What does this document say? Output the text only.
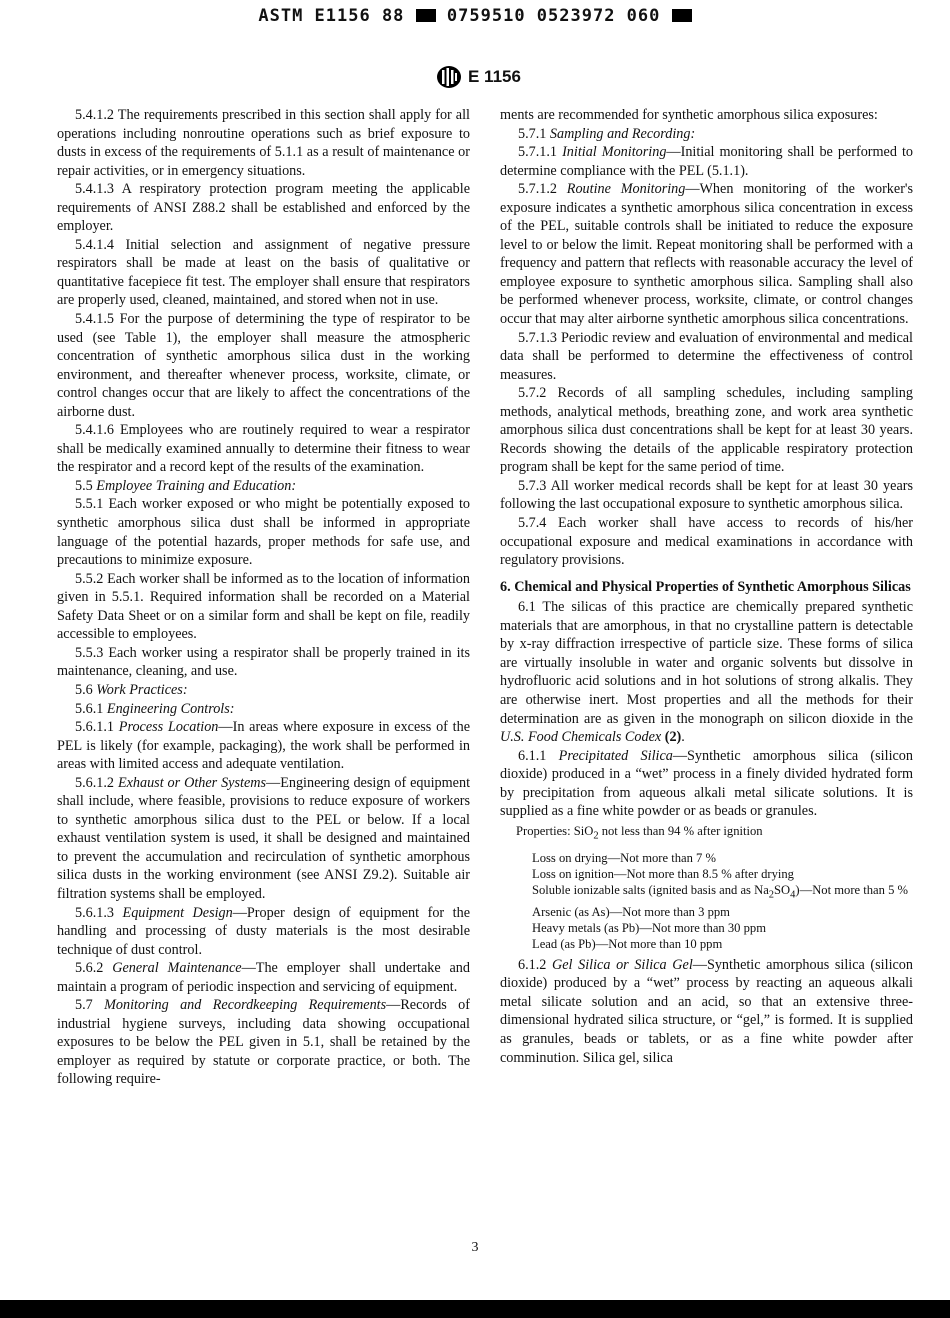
ASTM E1156 88	0759510 0523972 060
E 1156

5.4.1.2 The requirements prescribed in this section shall apply for all operations including nonroutine operations such as brief exposure to dusts in excess of the requirements of 5.1.1 as a result of maintenance or repair activities, or in emergency situations.

5.4.1.3 A respiratory protection program meeting the applicable requirements of ANSI Z88.2 shall be established and enforced by the employer.

5.4.1.4 Initial selection and assignment of negative pressure respirators shall be made at least on the basis of qualitative or quantitative facepiece fit test. The employer shall ensure that respirators are properly used, cleaned, maintained, and stored when not in use.

5.4.1.5 For the purpose of determining the type of respirator to be used (see Table 1), the employer shall measure the atmospheric concentration of synthetic amorphous silica dust in the working environment, and thereafter whenever process, worksite, climate, or control changes occur that are likely to affect the concentrations of the airborne dust.

5.4.1.6 Employees who are routinely required to wear a respirator shall be medically examined annually to determine their fitness to wear the respirator and a record kept of the results of the examination.

5.5 Employee Training and Education:

5.5.1 Each worker exposed or who might be potentially exposed to synthetic amorphous silica dust shall be informed in appropriate language of the potential hazards, proper methods for safe use, and precautions to minimize exposure.

5.5.2 Each worker shall be informed as to the location of information given in 5.5.1. Required information shall be recorded on a Material Safety Data Sheet or on a similar form and shall be kept on file, readily accessible to employees.

5.5.3 Each worker using a respirator shall be properly trained in its maintenance, cleaning, and use.

5.6 Work Practices:

5.6.1 Engineering Controls:

5.6.1.1 Process Location—In areas where exposure in excess of the PEL is likely (for example, packaging), the work shall be performed in areas with limited access and adequate ventilation.

5.6.1.2 Exhaust or Other Systems—Engineering design of equipment shall include, where feasible, provisions to reduce exposure of workers to synthetic amorphous silica dust to the PEL or below. If a local exhaust ventilation system is used, it shall be designed and maintained to prevent the accumulation and recirculation of synthetic amorphous silica dusts in the working environment (see ANSI Z9.2). Suitable air filtration systems shall be employed.

5.6.1.3 Equipment Design—Proper design of equipment for the handling and processing of dusty materials is the most desirable technique of dust control.

5.6.2 General Maintenance—The employer shall undertake and maintain a program of periodic inspection and servicing of equipment.

5.7 Monitoring and Recordkeeping Requirements—Records of industrial hygiene surveys, including data showing occupational exposures to be below the PEL given in 5.1, shall be retained by the employer as required by statute or corporate practice, or both. The following require-

ments are recommended for synthetic amorphous silica exposures:

5.7.1 Sampling and Recording:

5.7.1.1 Initial Monitoring—Initial monitoring shall be performed to determine compliance with the PEL (5.1.1).

5.7.1.2 Routine Monitoring—When monitoring of the worker's exposure indicates a synthetic amorphous silica concentration in excess of the PEL, suitable controls shall be initiated to reduce the exposure level to or below the limit. Repeat monitoring shall be performed with a frequency and pattern that reflects with reasonable accuracy the level of employee exposure to synthetic amorphous silica. Sampling shall also be performed whenever process, worksite, climate, or control changes occur that may alter airborne synthetic amorphous silica concentrations.

5.7.1.3 Periodic review and evaluation of environmental and medical data shall be performed to determine the effectiveness of control measures.

5.7.2 Records of all sampling schedules, including sampling methods, analytical methods, breathing zone, and work area synthetic amorphous silica dust concentrations shall be kept for at least 30 years. Records showing the details of the applicable respiratory protection program shall be kept for the same period of time.

5.7.3 All worker medical records shall be kept for at least 30 years following the last occupational exposure to synthetic amorphous silica.

5.7.4 Each worker shall have access to records of his/her occupational exposure and medical examinations in accordance with regulatory provisions.

6. Chemical and Physical Properties of Synthetic Amorphous Silicas

6.1 The silicas of this practice are chemically prepared synthetic materials that are amorphous, in that no crystalline pattern is detectable by x-ray diffraction irrespective of particle size. These forms of silica are virtually insoluble in water and organic solvents but dissolve in hydrofluoric acid solutions and in hot solutions of strong alkalis. They are otherwise inert. Most properties and all the methods for their determination are as given in the monograph on silicon dioxide in the U.S. Food Chemicals Codex (2).

6.1.1 Precipitated Silica—Synthetic amorphous silica (silicon dioxide) produced in a “wet” process in a finely divided hydrated form by precipitation from aqueous alkali metal silicate solutions. It is supplied as a fine white powder or as beads or granules.

Properties: SiO$_2$ not less than 94 % after ignition
Loss on drying—Not more than 7 %
Loss on ignition—Not more than 8.5 % after drying
Soluble ionizable salts (ignited basis and as $Na_2SO_4)—Not$ more than 5 %
Arsenic (as As)—Not more than 3 ppm
Heavy metals (as Pb)—Not more than 30 ppm
Lead (as Pb)—Not more than 10 ppm

6.1.2 Gel Silica or Silica Gel—Synthetic amorphous silica (silicon dioxide) produced by a “wet” process by reacting an aqueous alkali metal silicate solution and an acid, so that an extensive three-dimensional hydrated silica structure, or “gel,” is formed. It is supplied as granules, beads or tablets, or as a fine white powder after comminution. Silica gel, silica

3
